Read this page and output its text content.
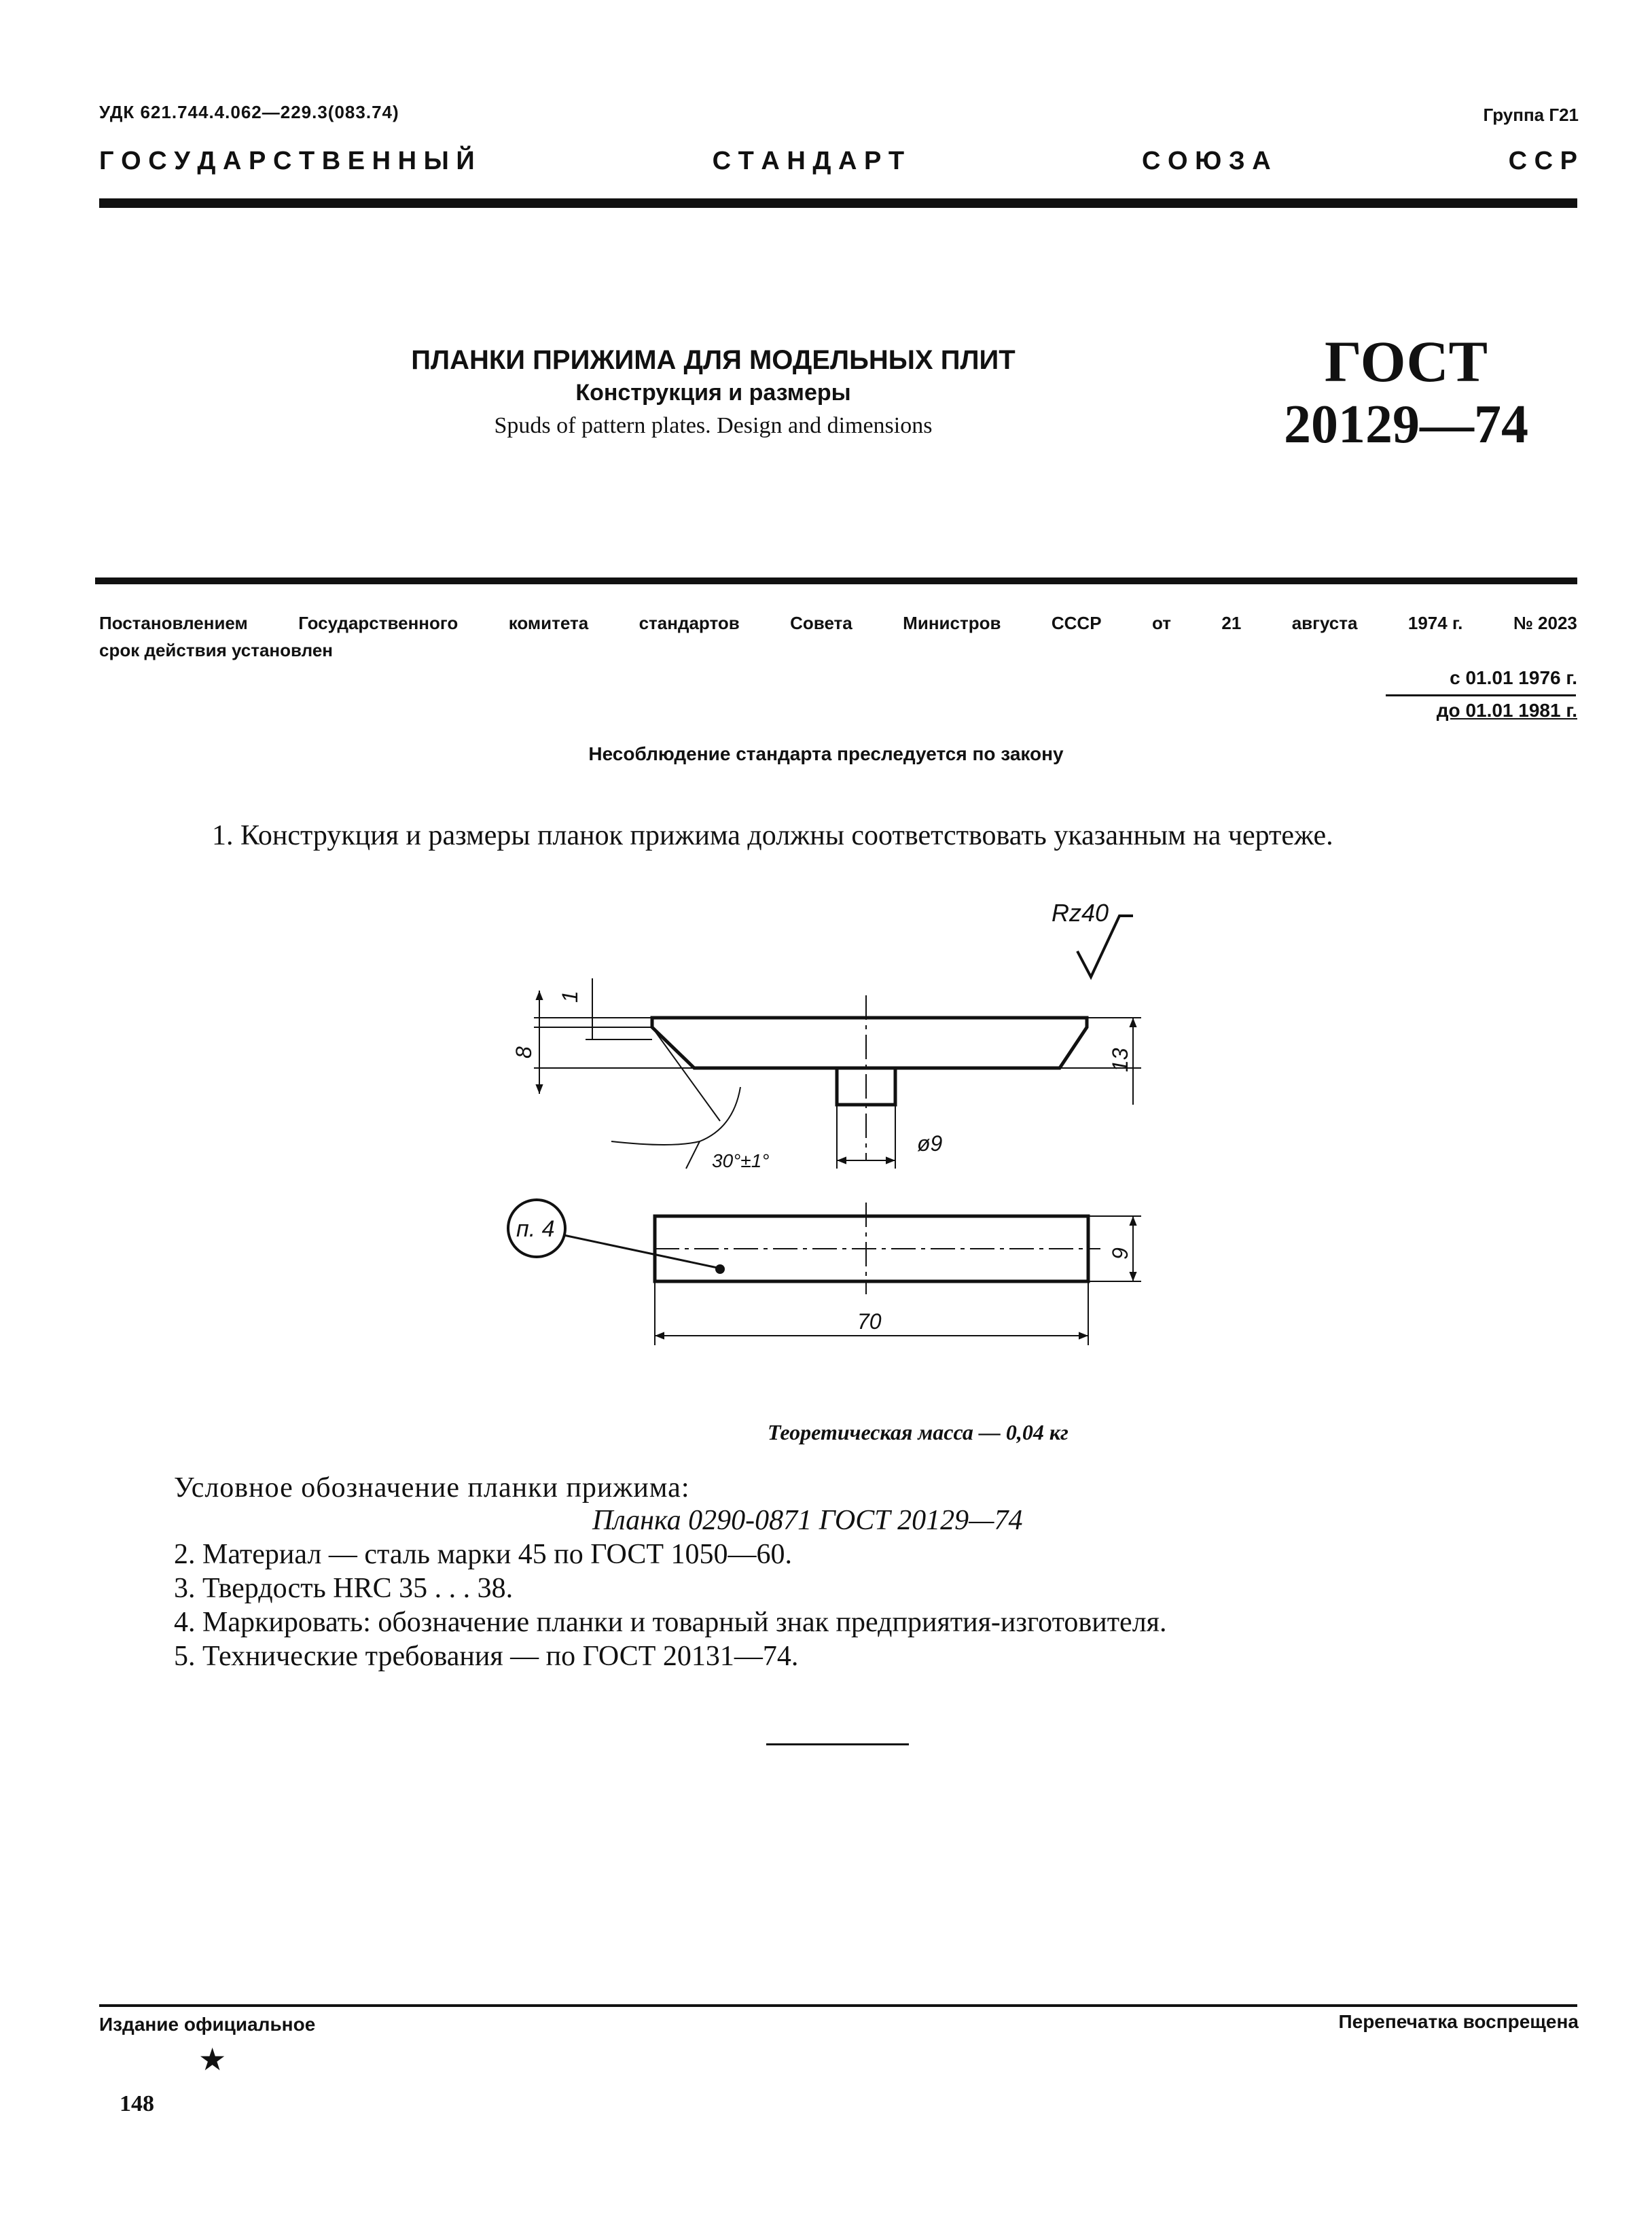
УДК 621.744.4.062—229.3(083.74)	Группа Г21
Г О С У Д А Р С Т В Е Н Н Ы Й	С Т А Н Д А Р Т	С О Ю З А	С С Р
ПЛАНКИ ПРИЖИМА ДЛЯ МОДЕЛЬНЫХ ПЛИТ
Конструкция и размеры
Spuds of pattern plates. Design and dimensions
ГОСТ
20129—74
Постановлением	Государственного	комитета	стандартов	Совета	Министров	СССР	от	21	августа	1974 г.	№ 2023
срок действия установлен
с 01.01 1976 г.
до 01.01 1981 г.
Несоблюдение стандарта преследуется по закону
1. Конструкция и размеры планок прижима должны соответствовать указанным на чертеже.
Rz40
1
8	13
30°±1°
ø9
9
70
п. 4
Теоретическая масса — 0,04 кг
Условное обозначение планки прижима:
Планка 0290-0871 ГОСТ 20129—74
2. Материал — сталь марки 45 по ГОСТ 1050—60.
3. Твердость HRC 35 . . . 38.
4. Маркировать: обозначение планки и товарный знак предприятия-изготовителя.
5. Технические требования — по ГОСТ 20131—74.
Издание официальное	Перепечатка воспрещена
★
148
